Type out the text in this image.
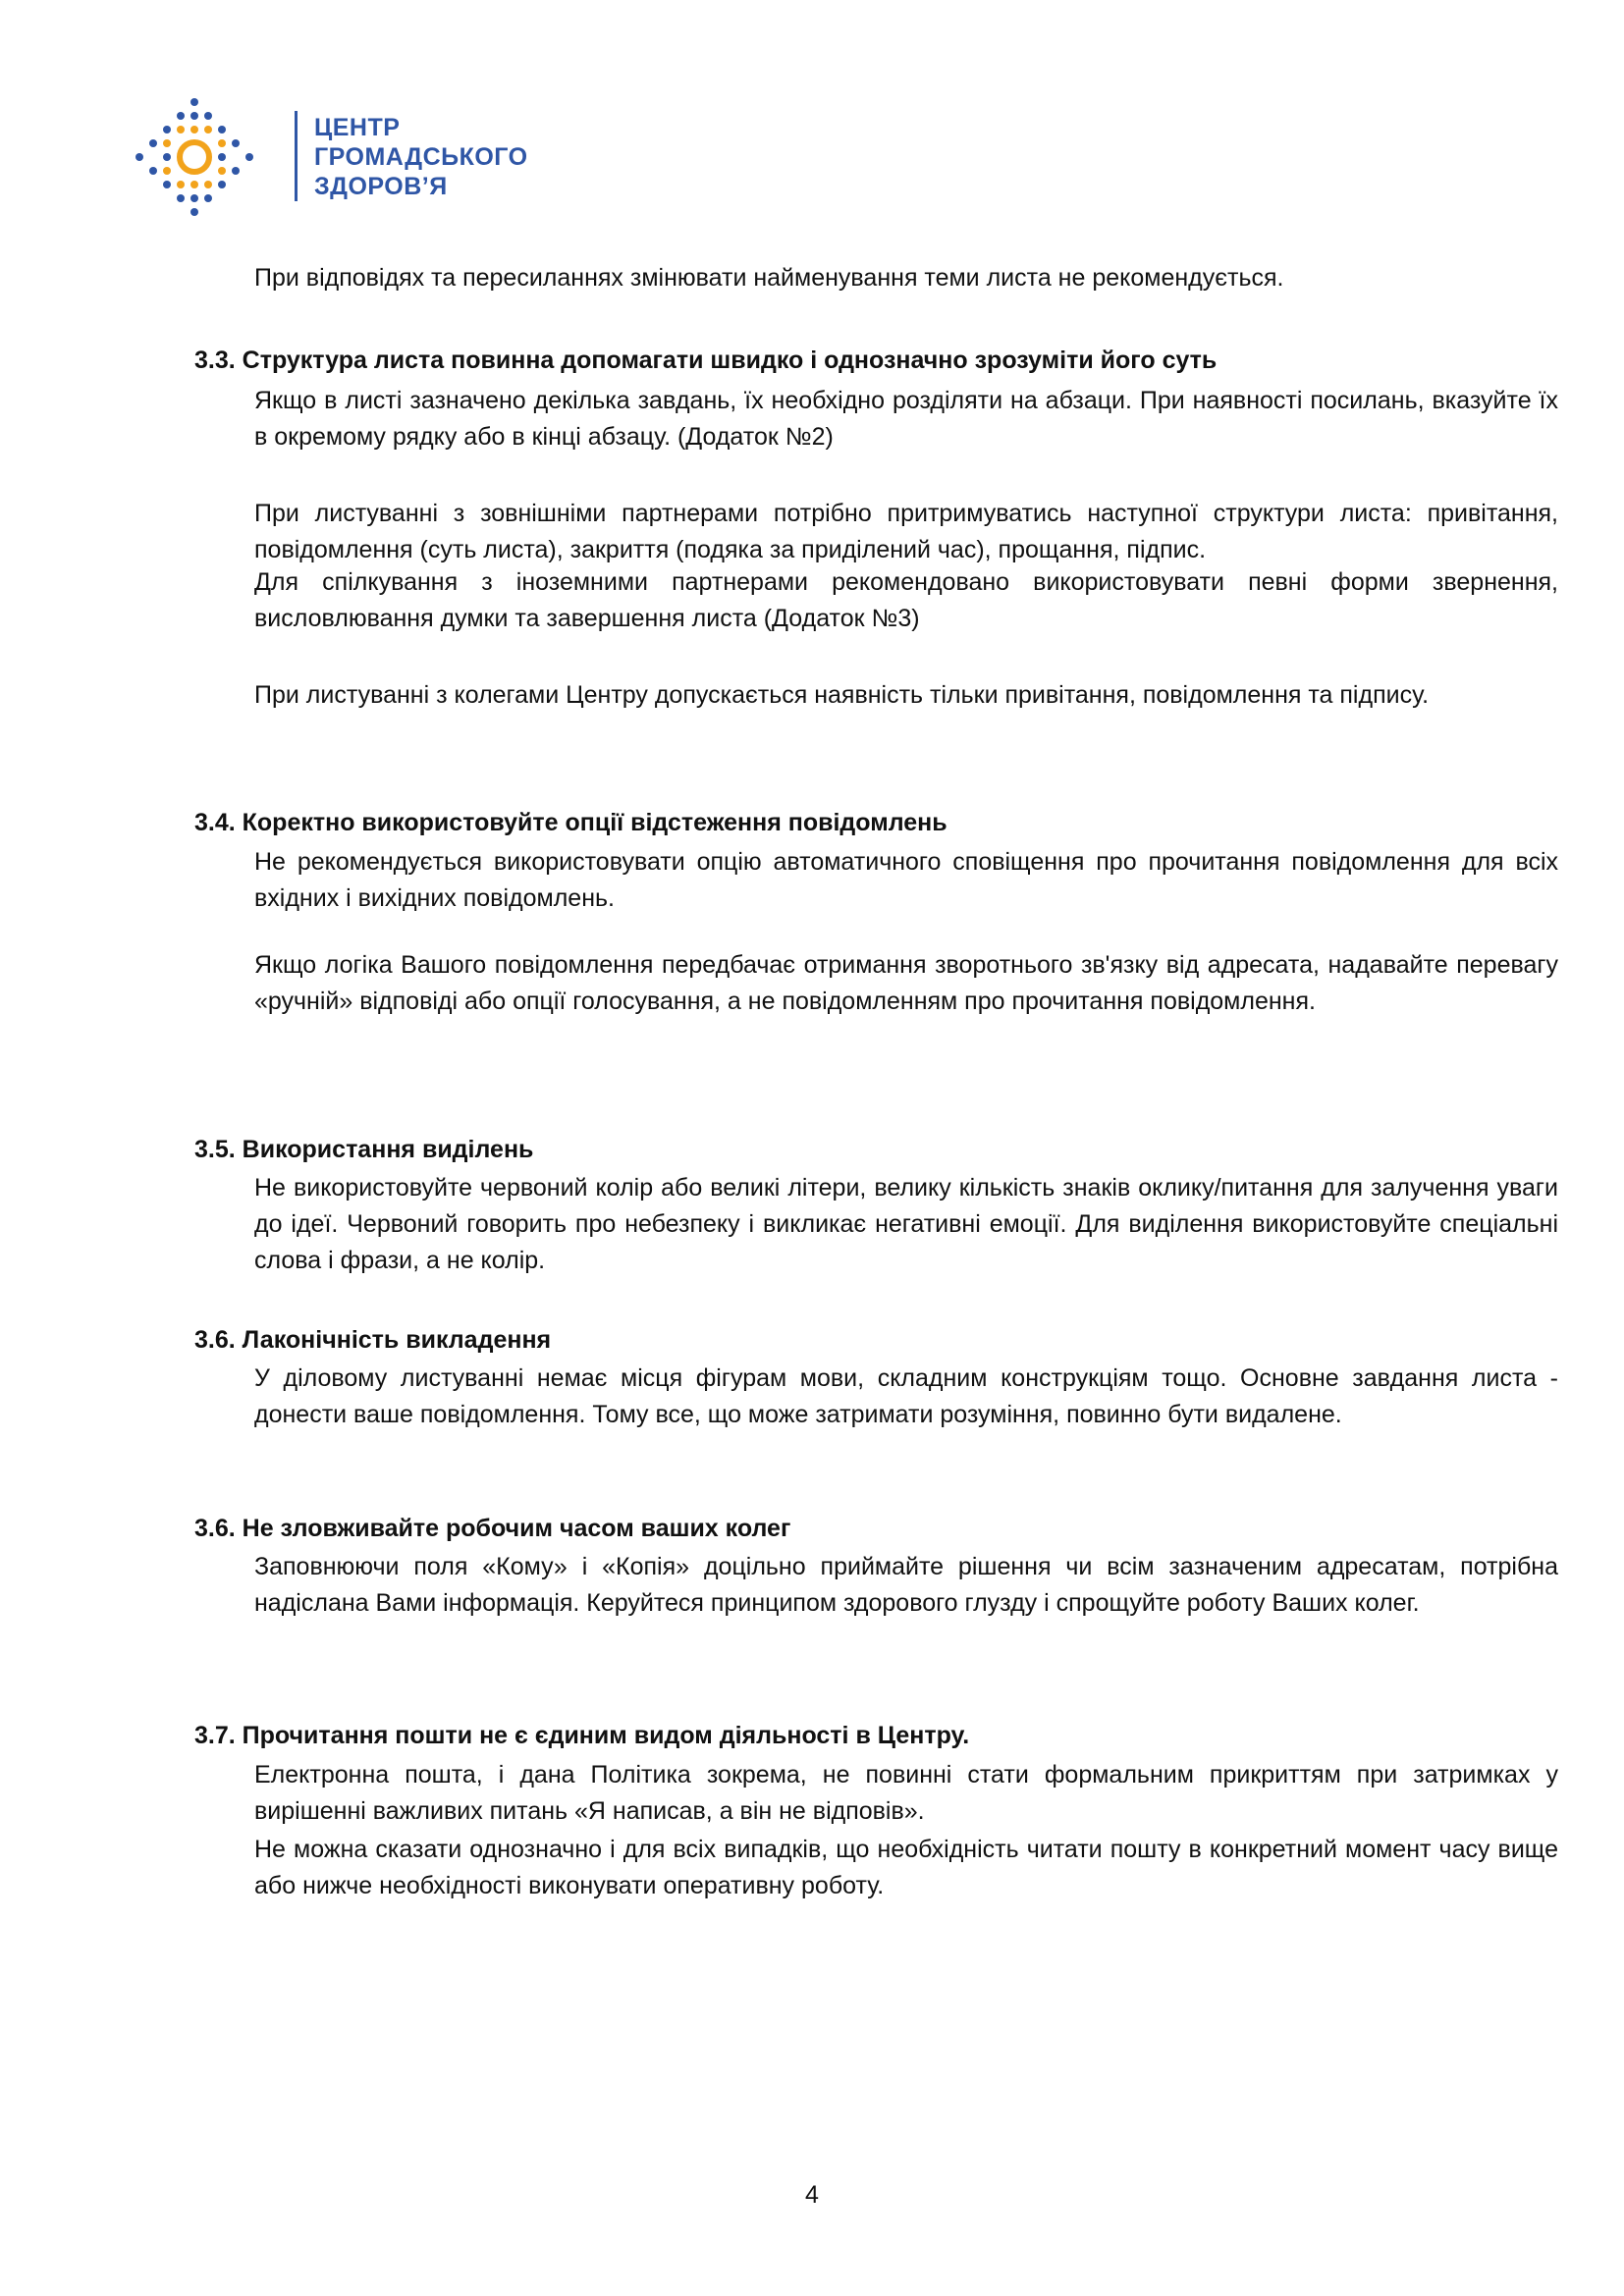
ЦЕНТР
ГРОМАДСЬКОГО
ЗДОРОВ’Я

При відповідях та пересиланнях змінювати найменування теми листа не рекомендується.

3.3. Структура листа повинна допомагати швидко і однозначно зрозуміти його суть

Якщо в листі зазначено декілька завдань, їх необхідно розділяти на абзаци. При наявності посилань, вказуйте їх в окремому рядку або в кінці абзацу. (Додаток №2)

При листуванні з зовнішніми партнерами потрібно притримуватись наступної структури листа: привітання, повідомлення (суть листа), закриття (подяка за приділений час), прощання, підпис.

Для спілкування з іноземними партнерами рекомендовано використовувати певні форми звернення, висловлювання думки та завершення листа (Додаток №3)

При листуванні з колегами Центру допускається наявність тільки привітання, повідомлення та підпису.

3.4. Коректно використовуйте опції відстеження повідомлень

Не рекомендується використовувати опцію автоматичного сповіщення про прочитання повідомлення для всіх вхідних і вихідних повідомлень.

Якщо логіка Вашого повідомлення передбачає отримання зворотнього зв'язку від адресата, надавайте перевагу «ручній» відповіді або опції голосування, а не повідомленням про прочитання повідомлення.

3.5. Використання виділень

Не використовуйте червоний колір або великі літери, велику кількість знаків оклику/питання для залучення уваги до ідеї. Червоний говорить про небезпеку і викликає негативні емоції. Для виділення використовуйте спеціальні слова і фрази, а не колір.

3.6. Лаконічність викладення

У діловому листуванні немає місця фігурам мови, складним конструкціям тощо. Основне завдання листа - донести ваше повідомлення. Тому все, що може затримати розуміння, повинно бути видалене.

3.6. Не зловживайте робочим часом ваших колег

Заповнюючи поля «Кому» і «Копія» доцільно приймайте рішення чи всім зазначеним адресатам, потрібна надіслана Вами інформація. Керуйтеся принципом здорового глузду і спрощуйте роботу Ваших колег.

3.7. Прочитання пошти не є єдиним видом діяльності в Центру.

Електронна пошта, і дана Політика зокрема, не повинні стати формальним прикриттям при затримках у вирішенні важливих питань «Я написав, а він не відповів».

Не можна сказати однозначно і для всіх випадків, що необхідність читати пошту в конкретний момент часу вище або нижче необхідності виконувати оперативну роботу.

4
